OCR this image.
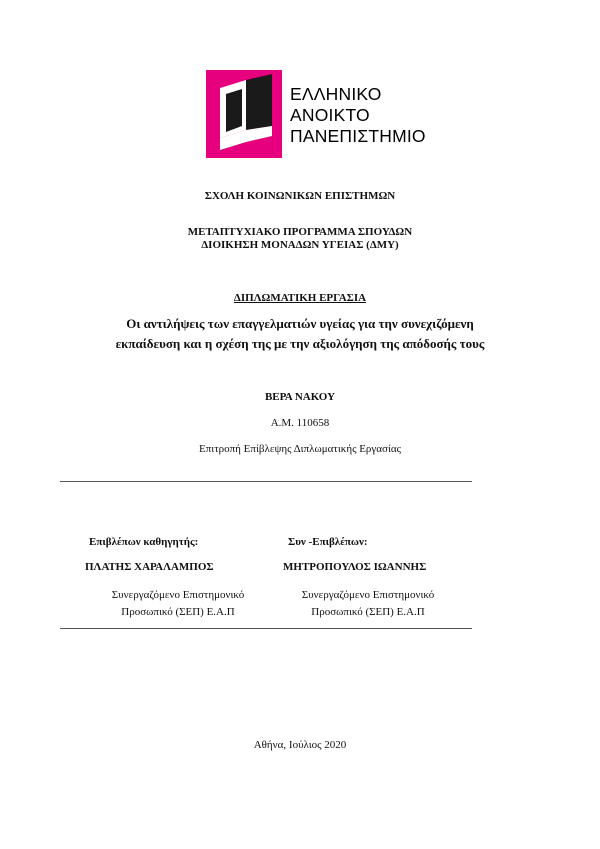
ΕΛΛΗΝΙΚΟ
ΑΝΟΙΚΤΟ
ΠΑΝΕΠΙΣΤΗΜΙΟ
ΣΧΟΛΗ ΚΟΙΝΩΝΙΚΩΝ ΕΠΙΣΤΗΜΩΝ
ΜΕΤΑΠΤΥΧΙΑΚΟ ΠΡΟΓΡΑΜΜΑ ΣΠΟΥΔΩΝ
ΔΙΟΙΚΗΣΗ ΜΟΝΑΔΩΝ ΥΓΕΙΑΣ (ΔΜΥ)
ΔΙΠΛΩΜΑΤΙΚΗ ΕΡΓΑΣΙΑ
Οι αντιλήψεις των επαγγελματιών υγείας για την συνεχιζόμενη
εκπαίδευση και η σχέση της με την αξιολόγηση της απόδοσής τους
ΒΕΡΑ ΝΑΚΟΥ
Α.Μ. 110658
Επιτροπή Επίβλεψης Διπλωματικής Εργασίας
Επιβλέπων καθηγητής:	Συν -Επιβλέπων:
ΠΛΑΤΗΣ ΧΑΡΑΛΑΜΠΟΣ	ΜΗΤΡΟΠΟΥΛΟΣ ΙΩΑΝΝΗΣ
Συνεργαζόμενο Επιστημονικό
Προσωπικό (ΣΕΠ) Ε.Α.Π
Συνεργαζόμενο Επιστημονικό
Προσωπικό (ΣΕΠ) Ε.Α.Π
Αθήνα, Ιούλιος 2020
